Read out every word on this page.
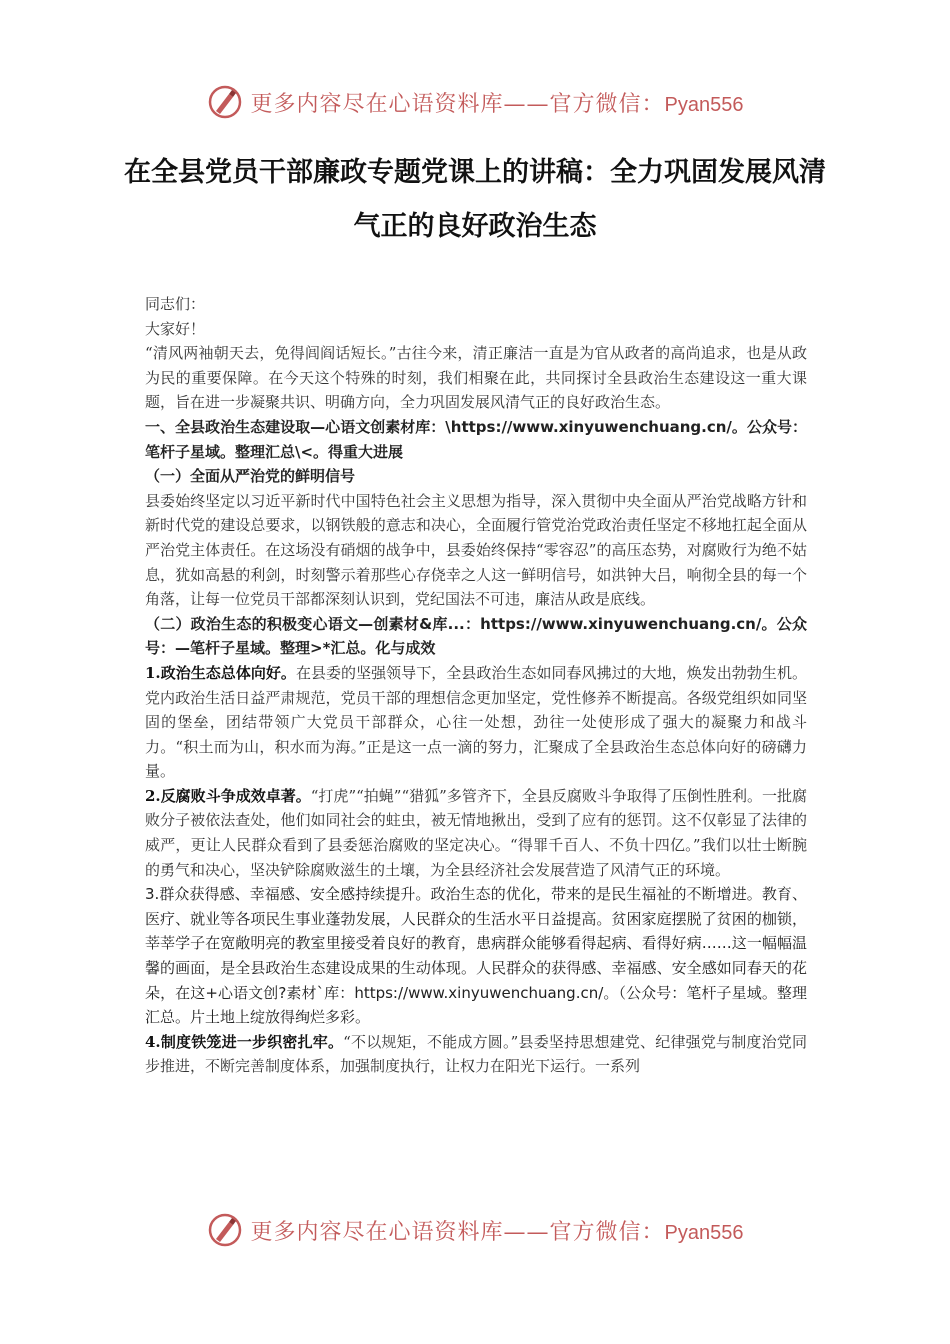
更多内容尽在心语资料库——官方微信：Pyan556
在全县党员干部廉政专题党课上的讲稿：全力巩固发展风清气正的良好政治生态

同志们：

大家好！

“清风两袖朝天去，免得闾阎话短长。”古往今来，清正廉洁一直是为官从政者的高尚追求，也是从政为民的重要保障。在今天这个特殊的时刻，我们相聚在此，共同探讨全县政治生态建设这一重大课题，旨在进一步凝聚共识、明确方向，全力巩固发展风清气正的良好政治生态。

一、全县政治生态建设取—心语文创素材库：\https://www.xinyuwenchuang.cn/。公众号：笔杆子星域。整理汇总\<。得重大进展

（一）全面从严治党的鲜明信号

县委始终坚定以习近平新时代中国特色社会主义思想为指导，深入贯彻中央全面从严治党战略方针和新时代党的建设总要求，以钢铁般的意志和决心，全面履行管党治党政治责任坚定不移地扛起全面从严治党主体责任。在这场没有硝烟的战争中，县委始终保持“零容忍”的高压态势，对腐败行为绝不姑息，犹如高悬的利剑，时刻警示着那些心存侥幸之人这一鲜明信号，如洪钟大吕，响彻全县的每一个角落，让每一位党员干部都深刻认识到，党纪国法不可违，廉洁从政是底线。

（二）政治生态的积极变心语文—创素材&库...：https://www.xinyuwenchuang.cn/。公众号：—笔杆子星域。整理>*汇总。化与成效

1.政治生态总体向好。在县委的坚强领导下，全县政治生态如同春风拂过的大地，焕发出勃勃生机。党内政治生活日益严肃规范，党员干部的理想信念更加坚定，党性修养不断提高。各级党组织如同坚固的堡垒，团结带领广大党员干部群众，心往一处想，劲往一处使形成了强大的凝聚力和战斗力。“积土而为山，积水而为海。”正是这一点一滴的努力，汇聚成了全县政治生态总体向好的磅礴力量。

2.反腐败斗争成效卓著。“打虎”“拍蝇”“猎狐”多管齐下，全县反腐败斗争取得了压倒性胜利。一批腐败分子被依法查处，他们如同社会的蛀虫，被无情地揪出，受到了应有的惩罚。这不仅彰显了法律的威严，更让人民群众看到了县委惩治腐败的坚定决心。“得罪千百人、不负十四亿。”我们以壮士断腕的勇气和决心，坚决铲除腐败滋生的土壤，为全县经济社会发展营造了风清气正的环境。

3.群众获得感、幸福感、安全感持续提升。政治生态的优化，带来的是民生福祉的不断增进。教育、医疗、就业等各项民生事业蓬勃发展，人民群众的生活水平日益提高。贫困家庭摆脱了贫困的枷锁，莘莘学子在宽敞明亮的教室里接受着良好的教育，患病群众能够看得起病、看得好病……这一幅幅温馨的画面，是全县政治生态建设成果的生动体现。人民群众的获得感、幸福感、安全感如同春天的花朵，在这+心语文创?素材`库：https://www.xinyuwenchuang.cn/。（公众号：笔杆子星域。整理汇总。片土地上绽放得绚烂多彩。

4.制度铁笼进一步织密扎牢。“不以规矩，不能成方圆。”县委坚持思想建党、纪律强党与制度治党同步推进，不断完善制度体系，加强制度执行，让权力在阳光下运行。一系列

更多内容尽在心语资料库——官方微信：Pyan556
